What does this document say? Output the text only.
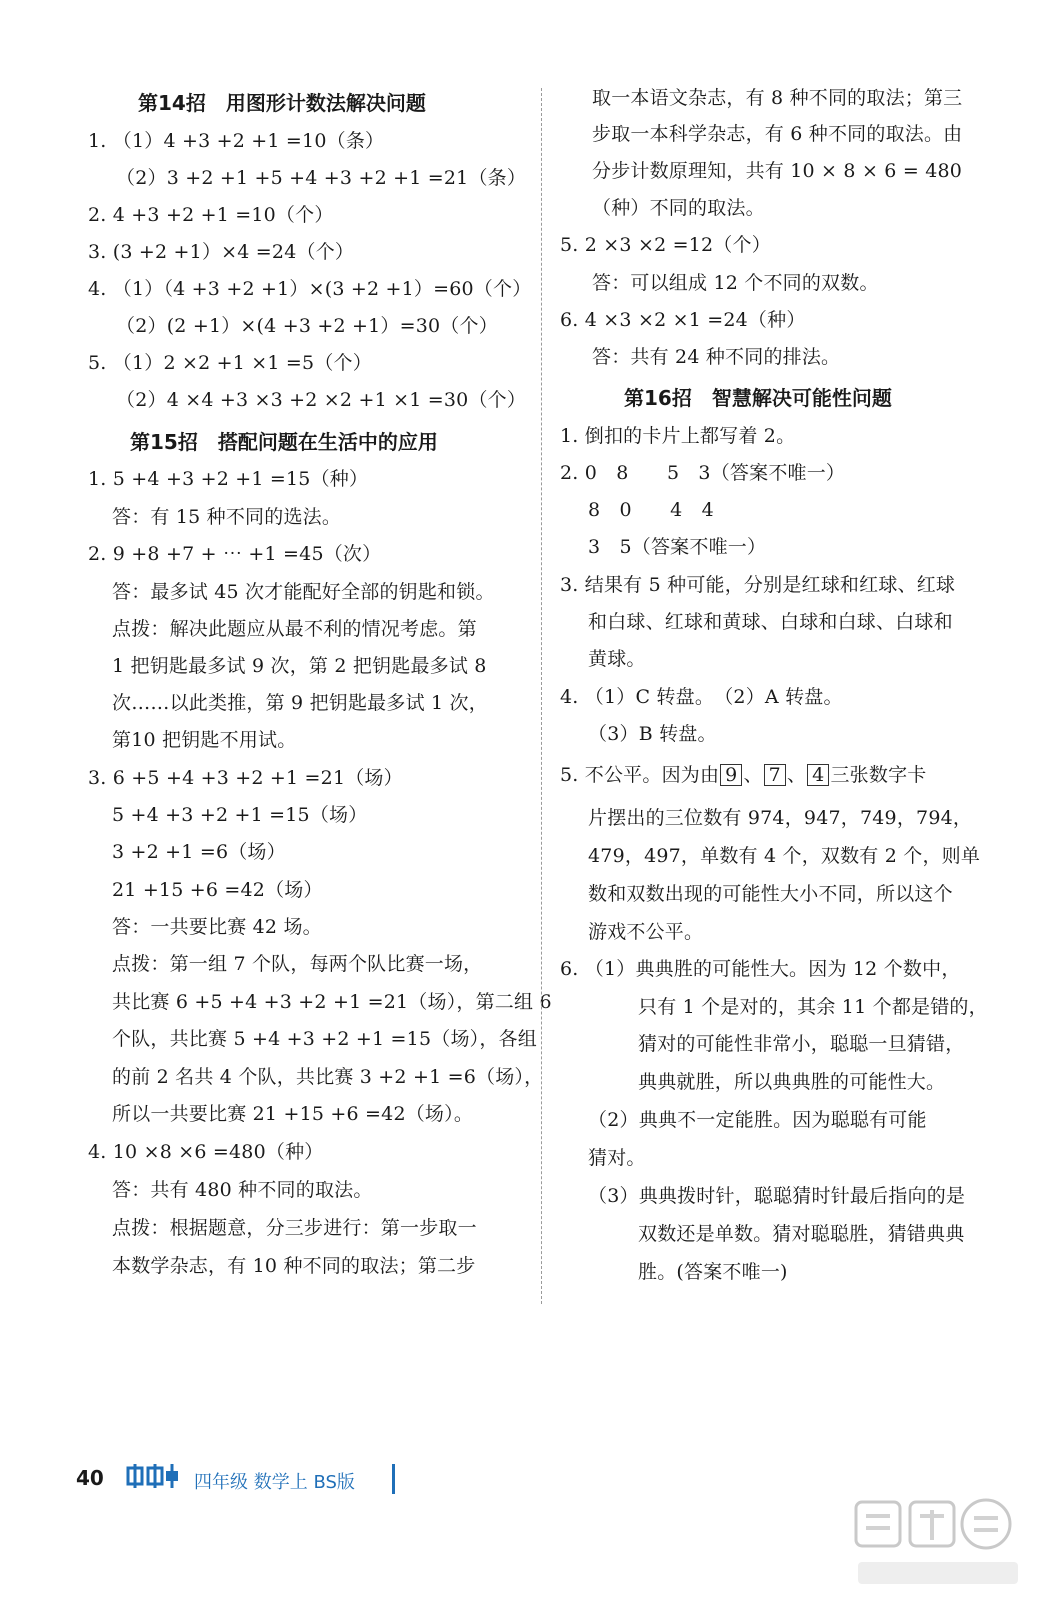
第14招　用图形计数法解决问题
1. （1）4 +3 +2 +1 =10（条）
（2）3 +2 +1 +5 +4 +3 +2 +1 =21（条）
2. 4 +3 +2 +1 =10（个）
3. (3 +2 +1）×4 =24（个）
4. （1）（4 +3 +2 +1）×(3 +2 +1）=60（个）
（2）(2 +1）×(4 +3 +2 +1）=30（个）
5. （1）2 ×2 +1 ×1 =5（个）
（2）4 ×4 +3 ×3 +2 ×2 +1 ×1 =30（个）
第15招　搭配问题在生活中的应用
1. 5 +4 +3 +2 +1 =15（种）
答：有 15 种不同的选法。
2. 9 +8 +7 + ⋯ +1 =45（次）
答：最多试 45 次才能配好全部的钥匙和锁。
点拨：解决此题应从最不利的情况考虑。第
1 把钥匙最多试 9 次，第 2 把钥匙最多试 8
次……以此类推，第 9 把钥匙最多试 1 次，
第10 把钥匙不用试。
3. 6 +5 +4 +3 +2 +1 =21（场）
5 +4 +3 +2 +1 =15（场）
3 +2 +1 =6（场）
21 +15 +6 =42（场）
答：一共要比赛 42 场。
点拨：第一组 7 个队，每两个队比赛一场，
共比赛 6 +5 +4 +3 +2 +1 =21（场），第二组 6
个队，共比赛 5 +4 +3 +2 +1 =15（场），各组
的前 2 名共 4 个队，共比赛 3 +2 +1 =6（场），
所以一共要比赛 21 +15 +6 =42（场）。
4. 10 ×8 ×6 =480（种）
答：共有 480 种不同的取法。
点拨：根据题意，分三步进行：第一步取一
本数学杂志，有 10 种不同的取法；第二步
取一本语文杂志，有 8 种不同的取法；第三
步取一本科学杂志，有 6 种不同的取法。由
分步计数原理知，共有 10 × 8 × 6 = 480
（种）不同的取法。
5. 2 ×3 ×2 =12（个）
答：可以组成 12 个不同的双数。
6. 4 ×3 ×2 ×1 =24（种）
答：共有 24 种不同的排法。
第16招　智慧解决可能性问题
1. 倒扣的卡片上都写着 2。
2. 0　8　　5　3（答案不唯一）
8　0　　4　4
3　5（答案不唯一）
3. 结果有 5 种可能，分别是红球和红球、红球
和白球、红球和黄球、白球和白球、白球和
黄球。
4. （1）C 转盘。　（2）A 转盘。
（3）B 转盘。
5. 不公平。因为由 9 、 7 、 4 三张数字卡
片摆出的三位数有 974，947，749，794，
479，497，单数有 4 个，双数有 2 个，则单
数和双数出现的可能性大小不同，所以这个
游戏不公平。
6. （1）典典胜的可能性大。因为 12 个数中，
只有 1 个是对的，其余 11 个都是错的，
猜对的可能性非常小，聪聪一旦猜错，
典典就胜，所以典典胜的可能性大。
（2）典典不一定能胜。因为聪聪有可能
猜对。
（3）典典拨时针，聪聪猜时针最后指向的是
双数还是单数。猜对聪聪胜，猜错典典
胜。(答案不唯一)
40	四年级 数学上 BS版
